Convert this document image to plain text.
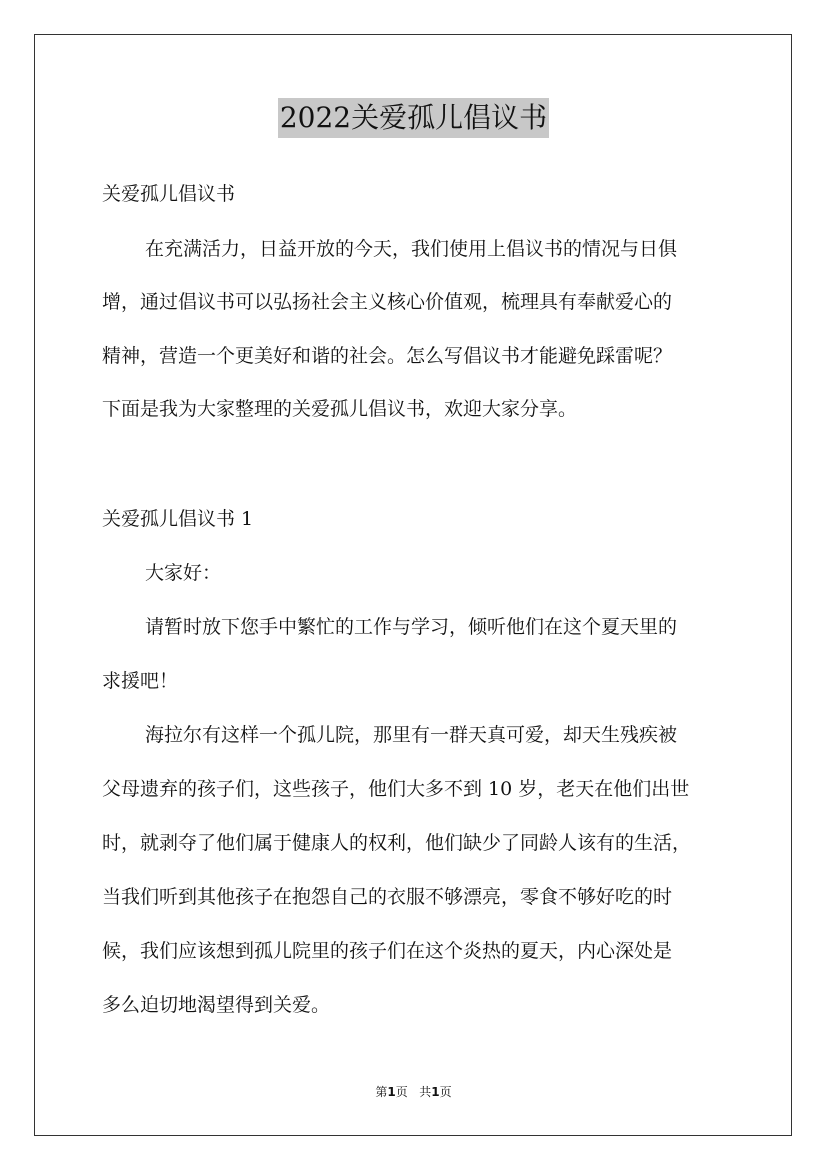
2022关爱孤儿倡议书
关爱孤儿倡议书
在充满活力，日益开放的今天，我们使用上倡议书的情况与日俱
增，通过倡议书可以弘扬社会主义核心价值观，梳理具有奉献爱心的
精神，营造一个更美好和谐的社会。怎么写倡议书才能避免踩雷呢？
下面是我为大家整理的关爱孤儿倡议书，欢迎大家分享。
关爱孤儿倡议书 1
大家好：
请暂时放下您手中繁忙的工作与学习，倾听他们在这个夏天里的
求援吧！
海拉尔有这样一个孤儿院，那里有一群天真可爱，却天生残疾被
父母遗弃的孩子们，这些孩子，他们大多不到 10 岁，老天在他们出世
时，就剥夺了他们属于健康人的权利，他们缺少了同龄人该有的生活，
当我们听到其他孩子在抱怨自己的衣服不够漂亮，零食不够好吃的时
候，我们应该想到孤儿院里的孩子们在这个炎热的夏天，内心深处是
多么迫切地渴望得到关爱。
第1页 共1页
